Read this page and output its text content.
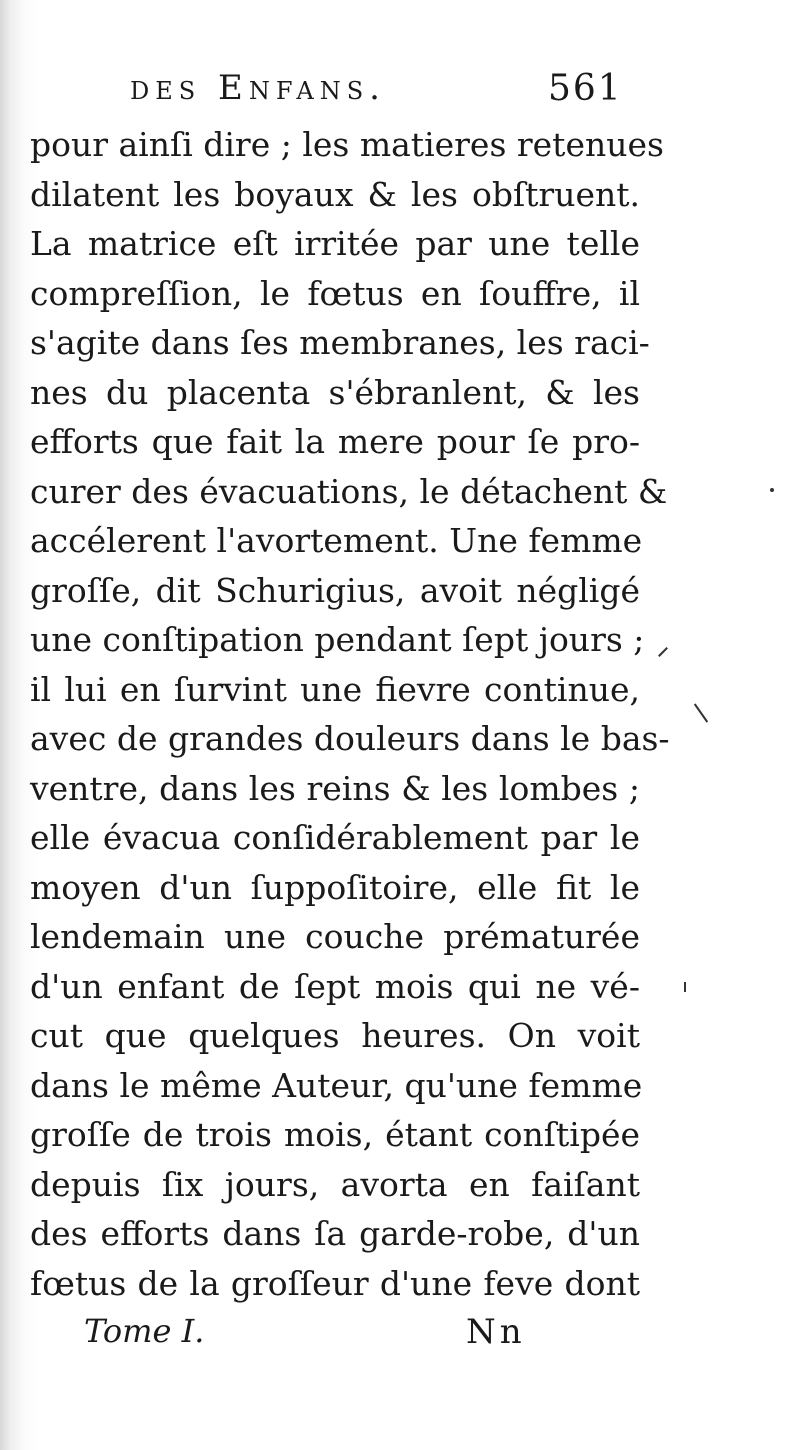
des Enfans.	561
pour ainſi dire ; les matieres retenues
dilatent les boyaux & les obſtruent.
La matrice eſt irritée par une telle
compreſſion, le fœtus en ſouffre, il
s'agite dans ſes membranes, les raci-
nes du placenta s'ébranlent, & les
efforts que fait la mere pour ſe pro-
curer des évacuations, le détachent &
accélerent l'avortement. Une femme
groſſe, dit Schurigius, avoit négligé
une conſtipation pendant ſept jours ;
il lui en ſurvint une fievre continue,
avec de grandes douleurs dans le bas-
ventre, dans les reins & les lombes ;
elle évacua conſidérablement par le
moyen d'un ſuppoſitoire, elle fit le
lendemain une couche prématurée
d'un enfant de ſept mois qui ne vé-
cut que quelques heures. On voit
dans le même Auteur, qu'une femme
groſſe de trois mois, étant conſtipée
depuis ſix jours, avorta en faiſant
des efforts dans ſa garde-robe, d'un
fœtus de la groſſeur d'une feve dont
Tome I.	Nn
